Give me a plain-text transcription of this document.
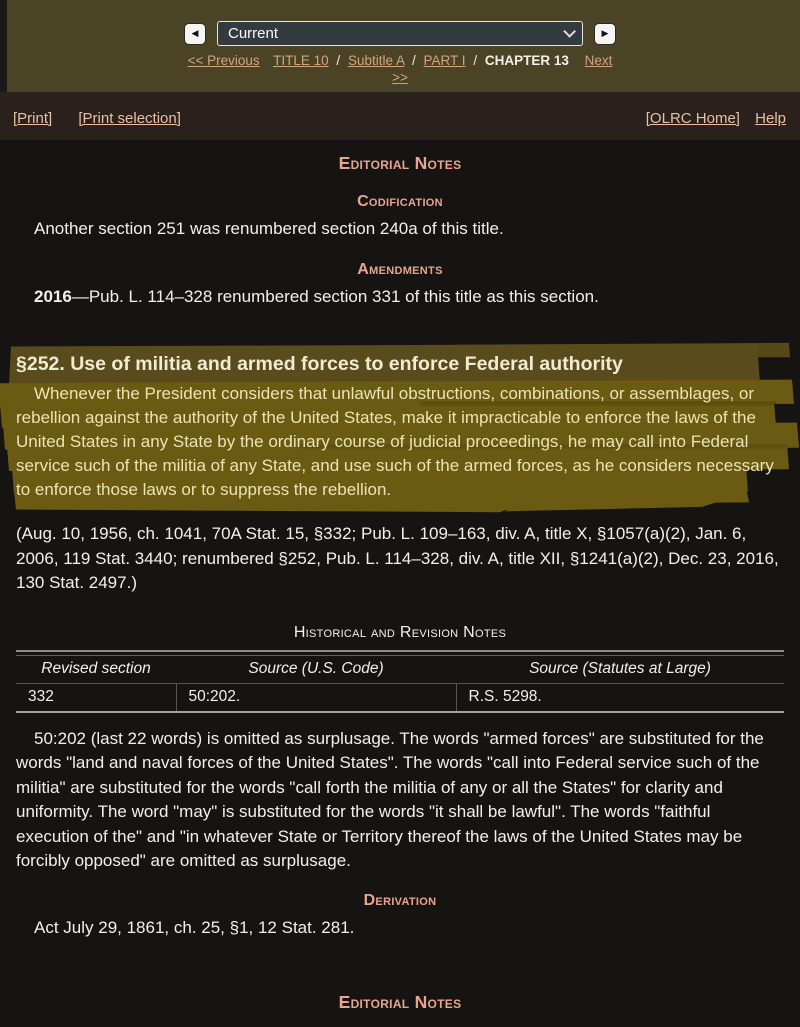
◀ Current	▶
<< Previous TITLE 10 / Subtitle A / PART I / CHAPTER 13 Next
>>
[Print] [Print selection]	[OLRC Home] Help
Editorial Notes
Codification

Another section 251 was renumbered section 240a of this title.

Amendments

2016—Pub. L. 114–328 renumbered section 331 of this title as this section.

§252. Use of militia and armed forces to enforce Federal authority

Whenever the President considers that unlawful obstructions, combinations, or assemblages, or rebellion against the authority of the United States, make it impracticable to enforce the laws of the United States in any State by the ordinary course of judicial proceedings, he may call into Federal service such of the militia of any State, and use such of the armed forces, as he considers necessary to enforce those laws or to suppress the rebellion.

(Aug. 10, 1956, ch. 1041, 70A Stat. 15, §332; Pub. L. 109–163, div. A, title X, §1057(a)(2), Jan. 6, 2006, 119 Stat. 3440; renumbered §252, Pub. L. 114–328, div. A, title XII, §1241(a)(2), Dec. 23, 2016, 130 Stat. 2497.)

Historical and Revision Notes
Revised section	Source (U.S. Code)	Source (Statutes at Large)
332	50:202.	R.S. 5298.

50:202 (last 22 words) is omitted as surplusage. The words "armed forces" are substituted for the words "land and naval forces of the United States". The words "call into Federal service such of the militia" are substituted for the words "call forth the militia of any or all the States" for clarity and uniformity. The word "may" is substituted for the words "it shall be lawful". The words "faithful execution of the" and "in whatever State or Territory thereof the laws of the United States may be forcibly opposed" are omitted as surplusage.

Derivation

Act July 29, 1861, ch. 25, §1, 12 Stat. 281.

Editorial Notes
